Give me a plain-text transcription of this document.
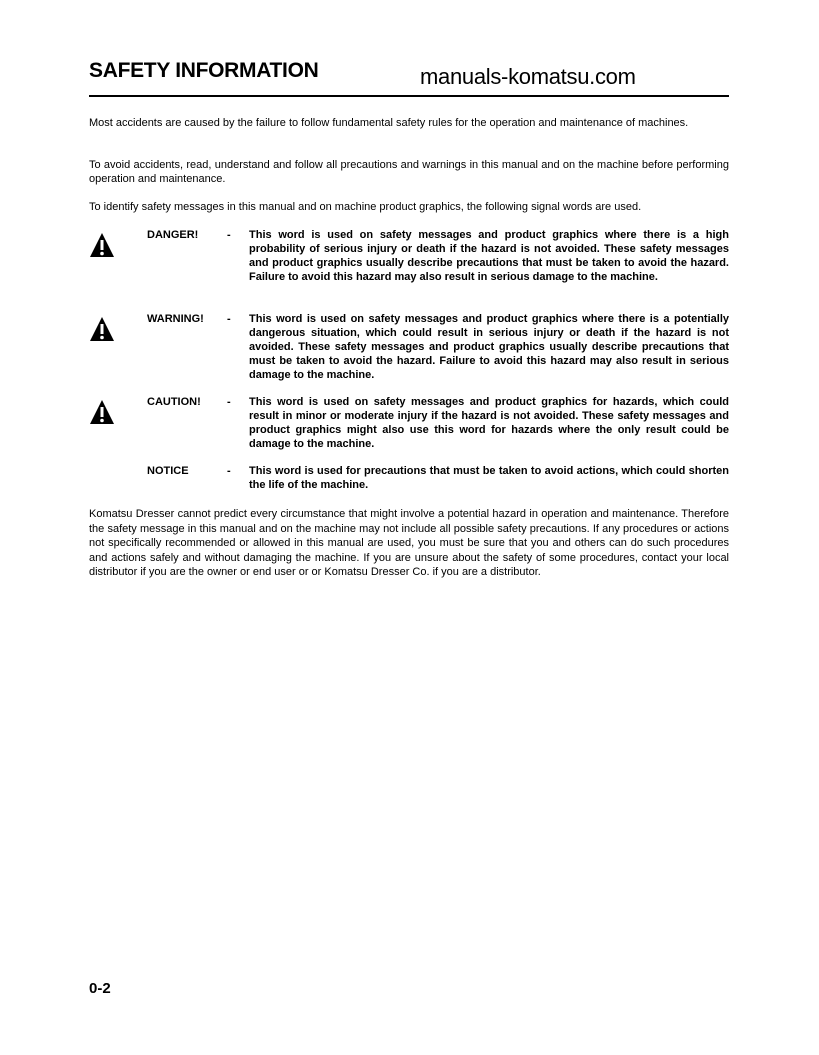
SAFETY INFORMATION	manuals-komatsu.com
Most accidents are caused by the failure to follow fundamental safety rules for the operation and maintenance of machines.
To avoid accidents, read, understand and follow all precautions and warnings in this manual and on the machine before performing operation and maintenance.
To identify safety messages in this manual and on machine product graphics, the following signal words are used.
DANGER!	- This word is used on safety messages and product graphics where there is a high probability of serious injury or death if the hazard is not avoided. These safety messages and product graphics usually describe precautions that must be taken to avoid the hazard. Failure to avoid this hazard may also result in serious damage to the machine.
WARNING! - This word is used on safety messages and product graphics where there is a potentially dangerous situation, which could result in serious injury or death if the hazard is not avoided. These safety messages and product graphics usually describe precautions that must be taken to avoid the hazard. Failure to avoid this hazard may also result in serious damage to the machine.
CAUTION! - This word is used on safety messages and product graphics for hazards, which could result in minor or moderate injury if the hazard is not avoided. These safety messages and product graphics might also use this word for hazards where the only result could be damage to the machine.
NOTICE	- This word is used for precautions that must be taken to avoid actions, which could shorten the life of the machine.
Komatsu Dresser cannot predict every circumstance that might involve a potential hazard in operation and maintenance. Therefore the safety message in this manual and on the machine may not include all possible safety precautions. If any procedures or actions not specifically recommended or allowed in this manual are used, you must be sure that you and others can do such procedures and actions safely and without damaging the machine. If you are unsure about the safety of some procedures, contact your local distributor if you are the owner or end user or or Komatsu Dresser Co. if you are a distributor.
0-2
